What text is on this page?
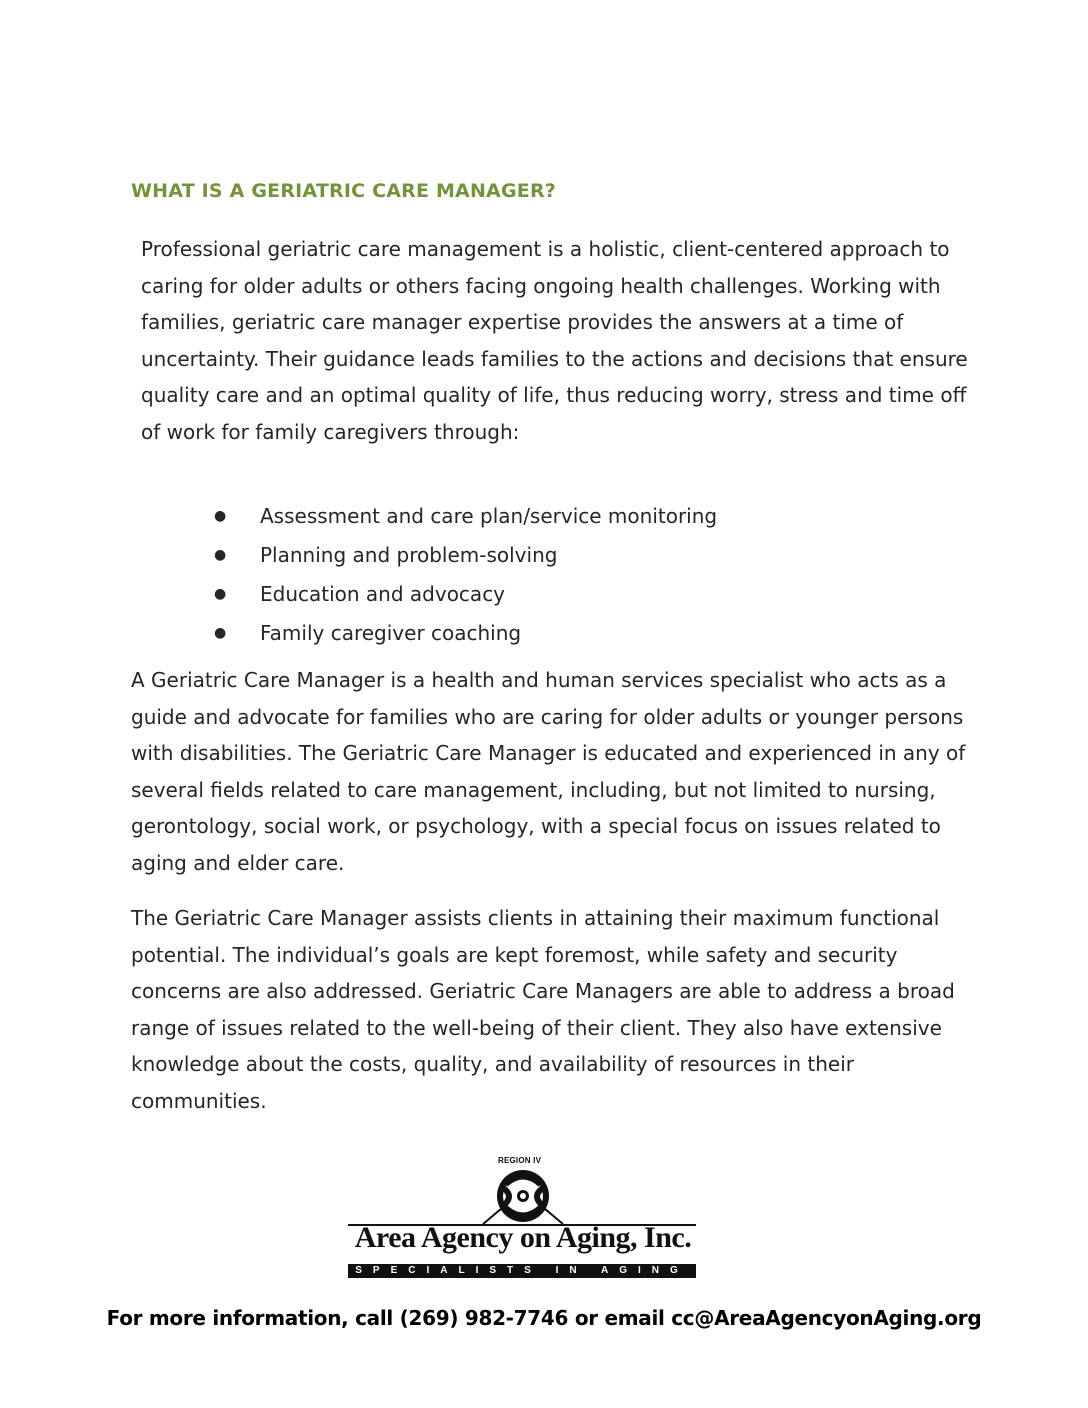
WHAT IS A GERIATRIC CARE MANAGER?

Professional geriatric care management is a holistic, client-centered approach to caring for older adults or others facing ongoing health challenges. Working with families, geriatric care manager expertise provides the answers at a time of uncertainty. Their guidance leads families to the actions and decisions that ensure quality care and an optimal quality of life, thus reducing worry, stress and time off of work for family caregivers through:

●	Assessment and care plan/service monitoring
●	Planning and problem-solving
●	Education and advocacy
●	Family caregiver coaching

A Geriatric Care Manager is a health and human services specialist who acts as a guide and advocate for families who are caring for older adults or younger persons with disabilities. The Geriatric Care Manager is educated and experienced in any of several fields related to care management, including, but not limited to nursing, gerontology, social work, or psychology, with a special focus on issues related to aging and elder care.

The Geriatric Care Manager assists clients in attaining their maximum functional potential. The individual’s goals are kept foremost, while safety and security concerns are also addressed. Geriatric Care Managers are able to address a broad range of issues related to the well-being of their client. They also have extensive knowledge about the costs, quality, and availability of resources in their communities.

REGION IV
Area Agency on Aging, Inc.
SPECIALISTS IN AGING

For more information, call (269) 982-7746 or email cc@AreaAgencyonAging.org
